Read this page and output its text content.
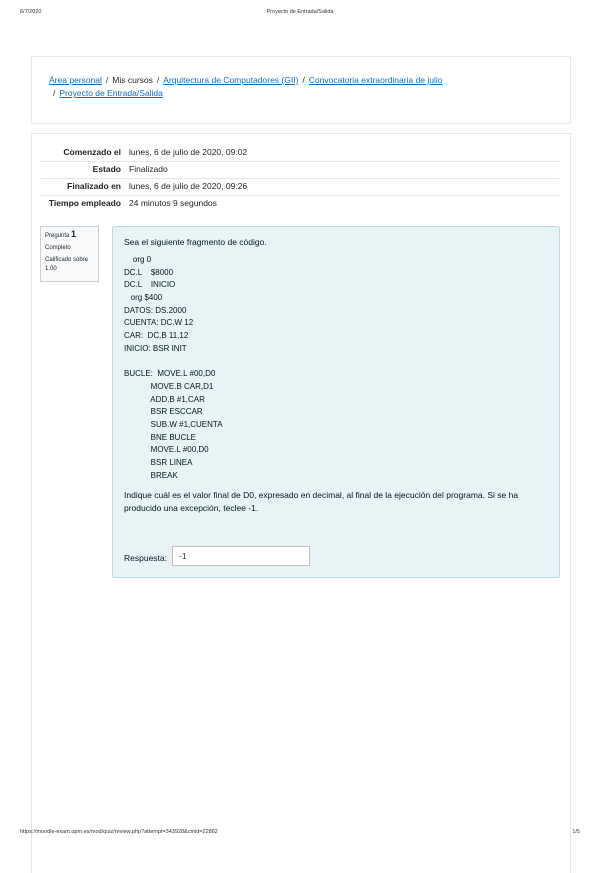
6/7/2020	Proyecto de Entrada/Salida
Área personal / Mis cursos / Arquitectura de Computadores (GII) / Convocatoria extraordinaria de julio
/ Proyecto de Entrada/Salida
Comenzado el lunes, 6 de julio de 2020, 09:02
Estado Finalizado
Finalizado en lunes, 6 de julio de 2020, 09:26
Tiempo empleado 24 minutos 9 segundos
Pregunta 1
Completo
Calificado sobre 1.00
Sea el siguiente fragmento de código.
org 0
DC.L    $8000
DC.L    INICIO
org $400
DATOS: DS.2000
CUENTA: DC.W 12
CAR:  DC.B 11,12
INICIO: BSR INIT
BUCLE:  MOVE.L #00,D0
MOVE.B CAR,D1
ADD.B #1,CAR
BSR ESCCAR
SUB.W #1,CUENTA
BNE BUCLE
MOVE.L #00,D0
BSR LINEA
BREAK
Indique cuál es el valor final de D0, expresado en decimal, al final de la ejecución del programa. Si se ha producido una excepción, teclee -1.
Respuesta:	-1
https://moodle-exam.upm.es/mod/quiz/review.php?attempt=343928&cmid=22862	1/5
